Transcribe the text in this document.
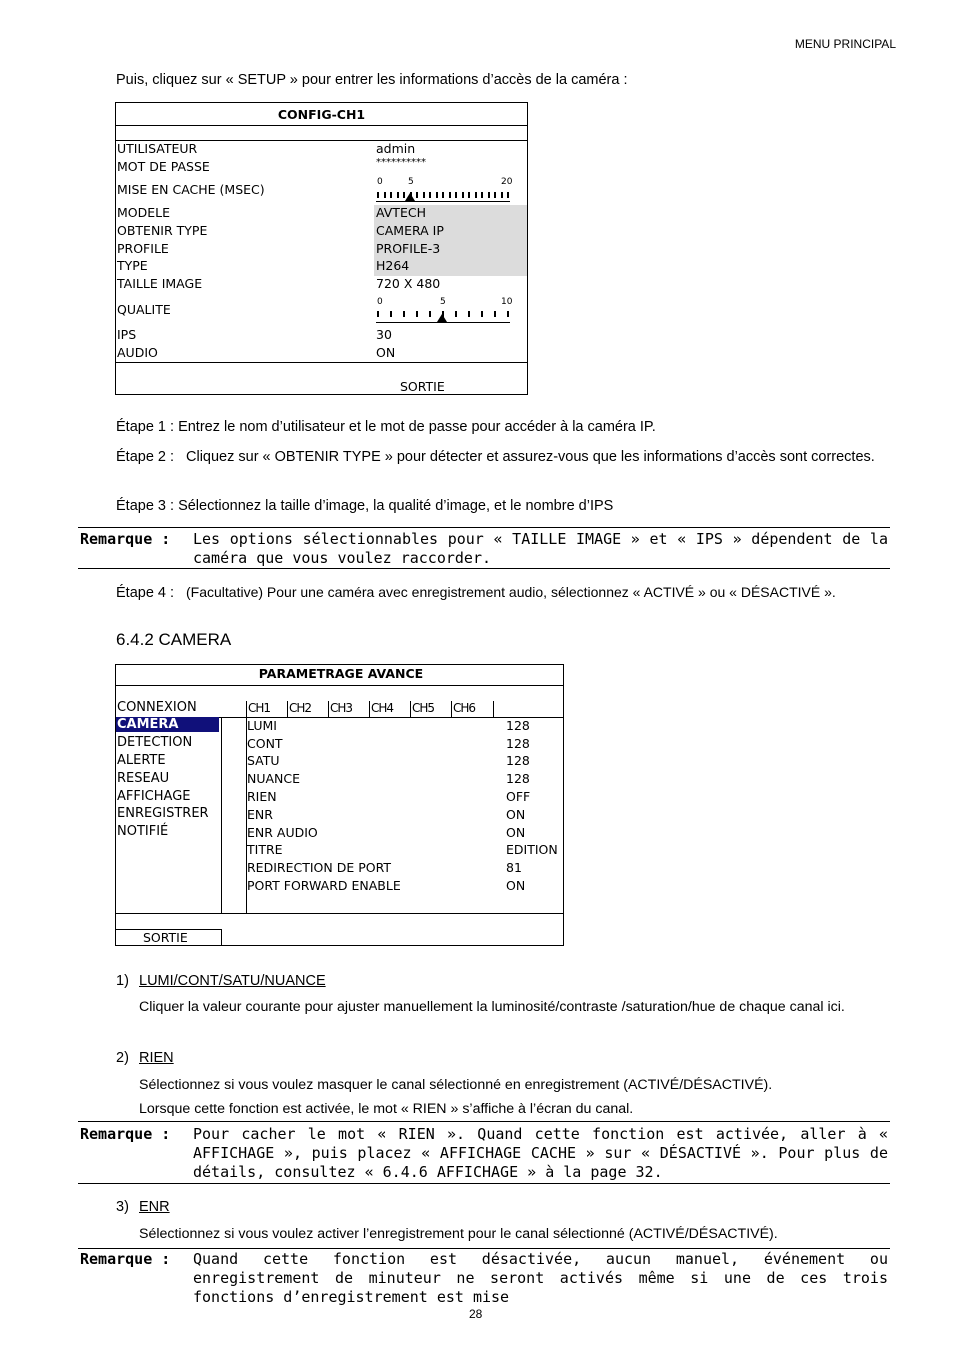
MENU PRINCIPAL
Puis, cliquez sur « SETUP » pour entrer les informations d’accès de la caméra :
CONFIG-CH1
UTILISATEUR	admin
MOT DE PASSE	**********
MISE EN CACHE (MSEC)	0	5	20
MODELE	AVTECH
OBTENIR TYPE	CAMERA IP
PROFILE	PROFILE-3
TYPE	H264
TAILLE IMAGE	720 X 480
QUALITE	0	5	10
IPS	30
AUDIO	ON
SORTIE
Étape 1 : Entrez le nom d’utilisateur et le mot de passe pour accéder à la caméra IP.
Étape 2 : Cliquez sur « OBTENIR TYPE » pour détecter et assurez-vous que les informations d’accès sont correctes.
Étape 3 : Sélectionnez la taille d’image, la qualité d’image, et le nombre d’IPS
Remarque : Les options sélectionnables pour « TAILLE IMAGE » et « IPS » dépendent de la caméra que vous voulez raccorder.
Étape 4 : (Facultative) Pour une caméra avec enregistrement audio, sélectionnez « ACTIVÉ » ou « DÉSACTIVÉ ».
6.4.2 CAMERA
PARAMETRAGE AVANCE
CONNEXION
CAMERA
DETECTION
ALERTE
RESEAU
AFFICHAGE
ENREGISTRER
NOTIFIÉ
CH1	CH2	CH3	CH4	CH5	CH6
LUMI	128
CONT	128
SATU	128
NUANCE	128
RIEN	OFF
ENR	ON
ENR AUDIO	ON
TITRE	EDITION
REDIRECTION DE PORT	81
PORT FORWARD ENABLE	ON
SORTIE
1) LUMI/CONT/SATU/NUANCE
Cliquer la valeur courante pour ajuster manuellement la luminosité/contraste /saturation/hue de chaque canal ici.
2) RIEN
Sélectionnez si vous voulez masquer le canal sélectionné en enregistrement (ACTIVÉ/DÉSACTIVÉ).
Lorsque cette fonction est activée, le mot « RIEN » s’affiche à l’écran du canal.
Remarque : Pour cacher le mot « RIEN ». Quand cette fonction est activée, aller à « AFFICHAGE », puis placez « AFFICHAGE CACHE » sur « DÉSACTIVÉ ». Pour plus de détails, consultez « 6.4.6 AFFICHAGE » à la page 32.
3) ENR
Sélectionnez si vous voulez activer l’enregistrement pour le canal sélectionné (ACTIVÉ/DÉSACTIVÉ).
Remarque : Quand cette fonction est désactivée, aucun manuel, événement ou enregistrement de minuteur ne seront activés même si une de ces trois fonctions d’enregistrement est mise
28
